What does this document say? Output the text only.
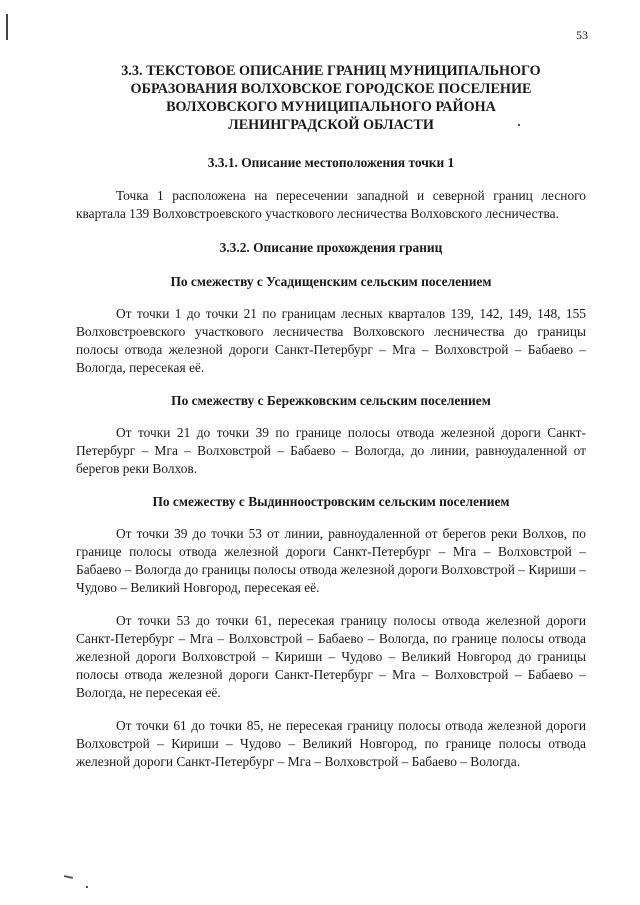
53
3.3. ТЕКСТОВОЕ ОПИСАНИЕ ГРАНИЦ МУНИЦИПАЛЬНОГО
ОБРАЗОВАНИЯ ВОЛХОВСКОЕ ГОРОДСКОЕ ПОСЕЛЕНИЕ
ВОЛХОВСКОГО МУНИЦИПАЛЬНОГО РАЙОНА
ЛЕНИНГРАДСКОЙ ОБЛАСТИ
3.3.1. Описание местоположения точки 1

Точка 1 расположена на пересечении западной и северной границ лесного квартала 139 Волховстроевского участкового лесничества Волховского лесничества.

3.3.2. Описание прохождения границ
По смежеству с Усадищенским сельским поселением

От точки 1 до точки 21 по границам лесных кварталов 139, 142, 149, 148, 155 Волховстроевского участкового лесничества Волховского лесничества до границы полосы отвода железной дороги Санкт-Петербург – Мга – Волховстрой – Бабаево – Вологда, пересекая её.

По смежеству с Бережковским сельским поселением

От точки 21 до точки 39 по границе полосы отвода железной дороги Санкт-Петербург – Мга – Волховстрой – Бабаево – Вологда, до линии, равноудаленной от берегов реки Волхов.

По смежеству с Выдинноостровским сельским поселением

От точки 39 до точки 53 от линии, равноудаленной от берегов реки Волхов, по границе полосы отвода железной дороги Санкт-Петербург – Мга – Волховстрой – Бабаево – Вологда до границы полосы отвода железной дороги Волховстрой – Кириши – Чудово – Великий Новгород, пересекая её.

От точки 53 до точки 61, пересекая границу полосы отвода железной дороги Санкт-Петербург – Мга – Волховстрой – Бабаево – Вологда, по границе полосы отвода железной дороги Волховстрой – Кириши – Чудово – Великий Новгород до границы полосы отвода железной дороги Санкт-Петербург – Мга – Волховстрой – Бабаево – Вологда, не пересекая её.

От точки 61 до точки 85, не пересекая границу полосы отвода железной дороги Волховстрой – Кириши – Чудово – Великий Новгород, по границе полосы отвода железной дороги Санкт-Петербург – Мга – Волховстрой – Бабаево – Вологда.
